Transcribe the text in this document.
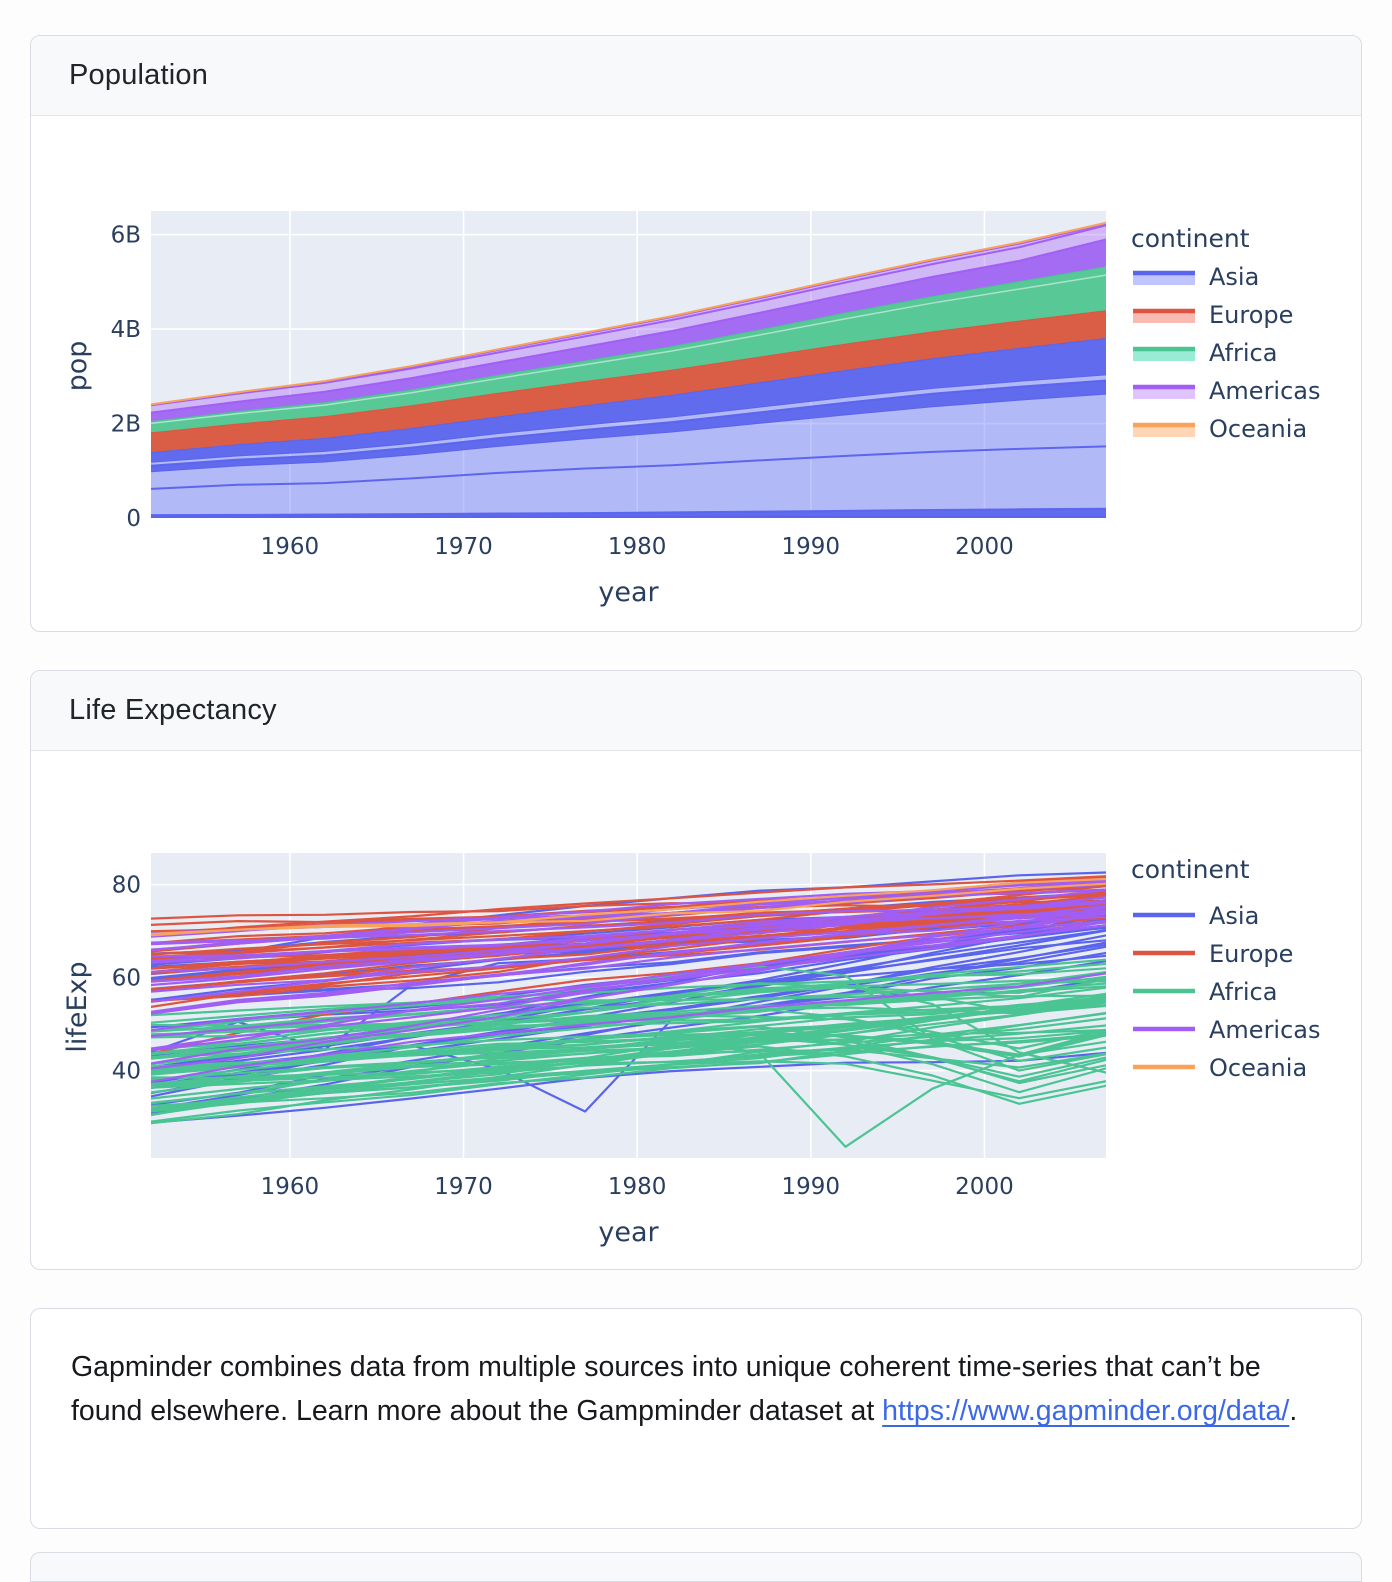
Population
0
2B
4B
6B
1960	1970	1980	1990	2000
year
pop
continent
Asia
Europe
Africa
Americas
Oceania
Life Expectancy
40
60
80
1960	1970	1980	1990	2000
year
lifeExp
continent
Asia
Europe
Africa
Americas
Oceania

Gapminder combines data from multiple sources into unique coherent time-series that can’t be found elsewhere. Learn more about the Gampminder dataset at https://www.gapminder.org/data/.
